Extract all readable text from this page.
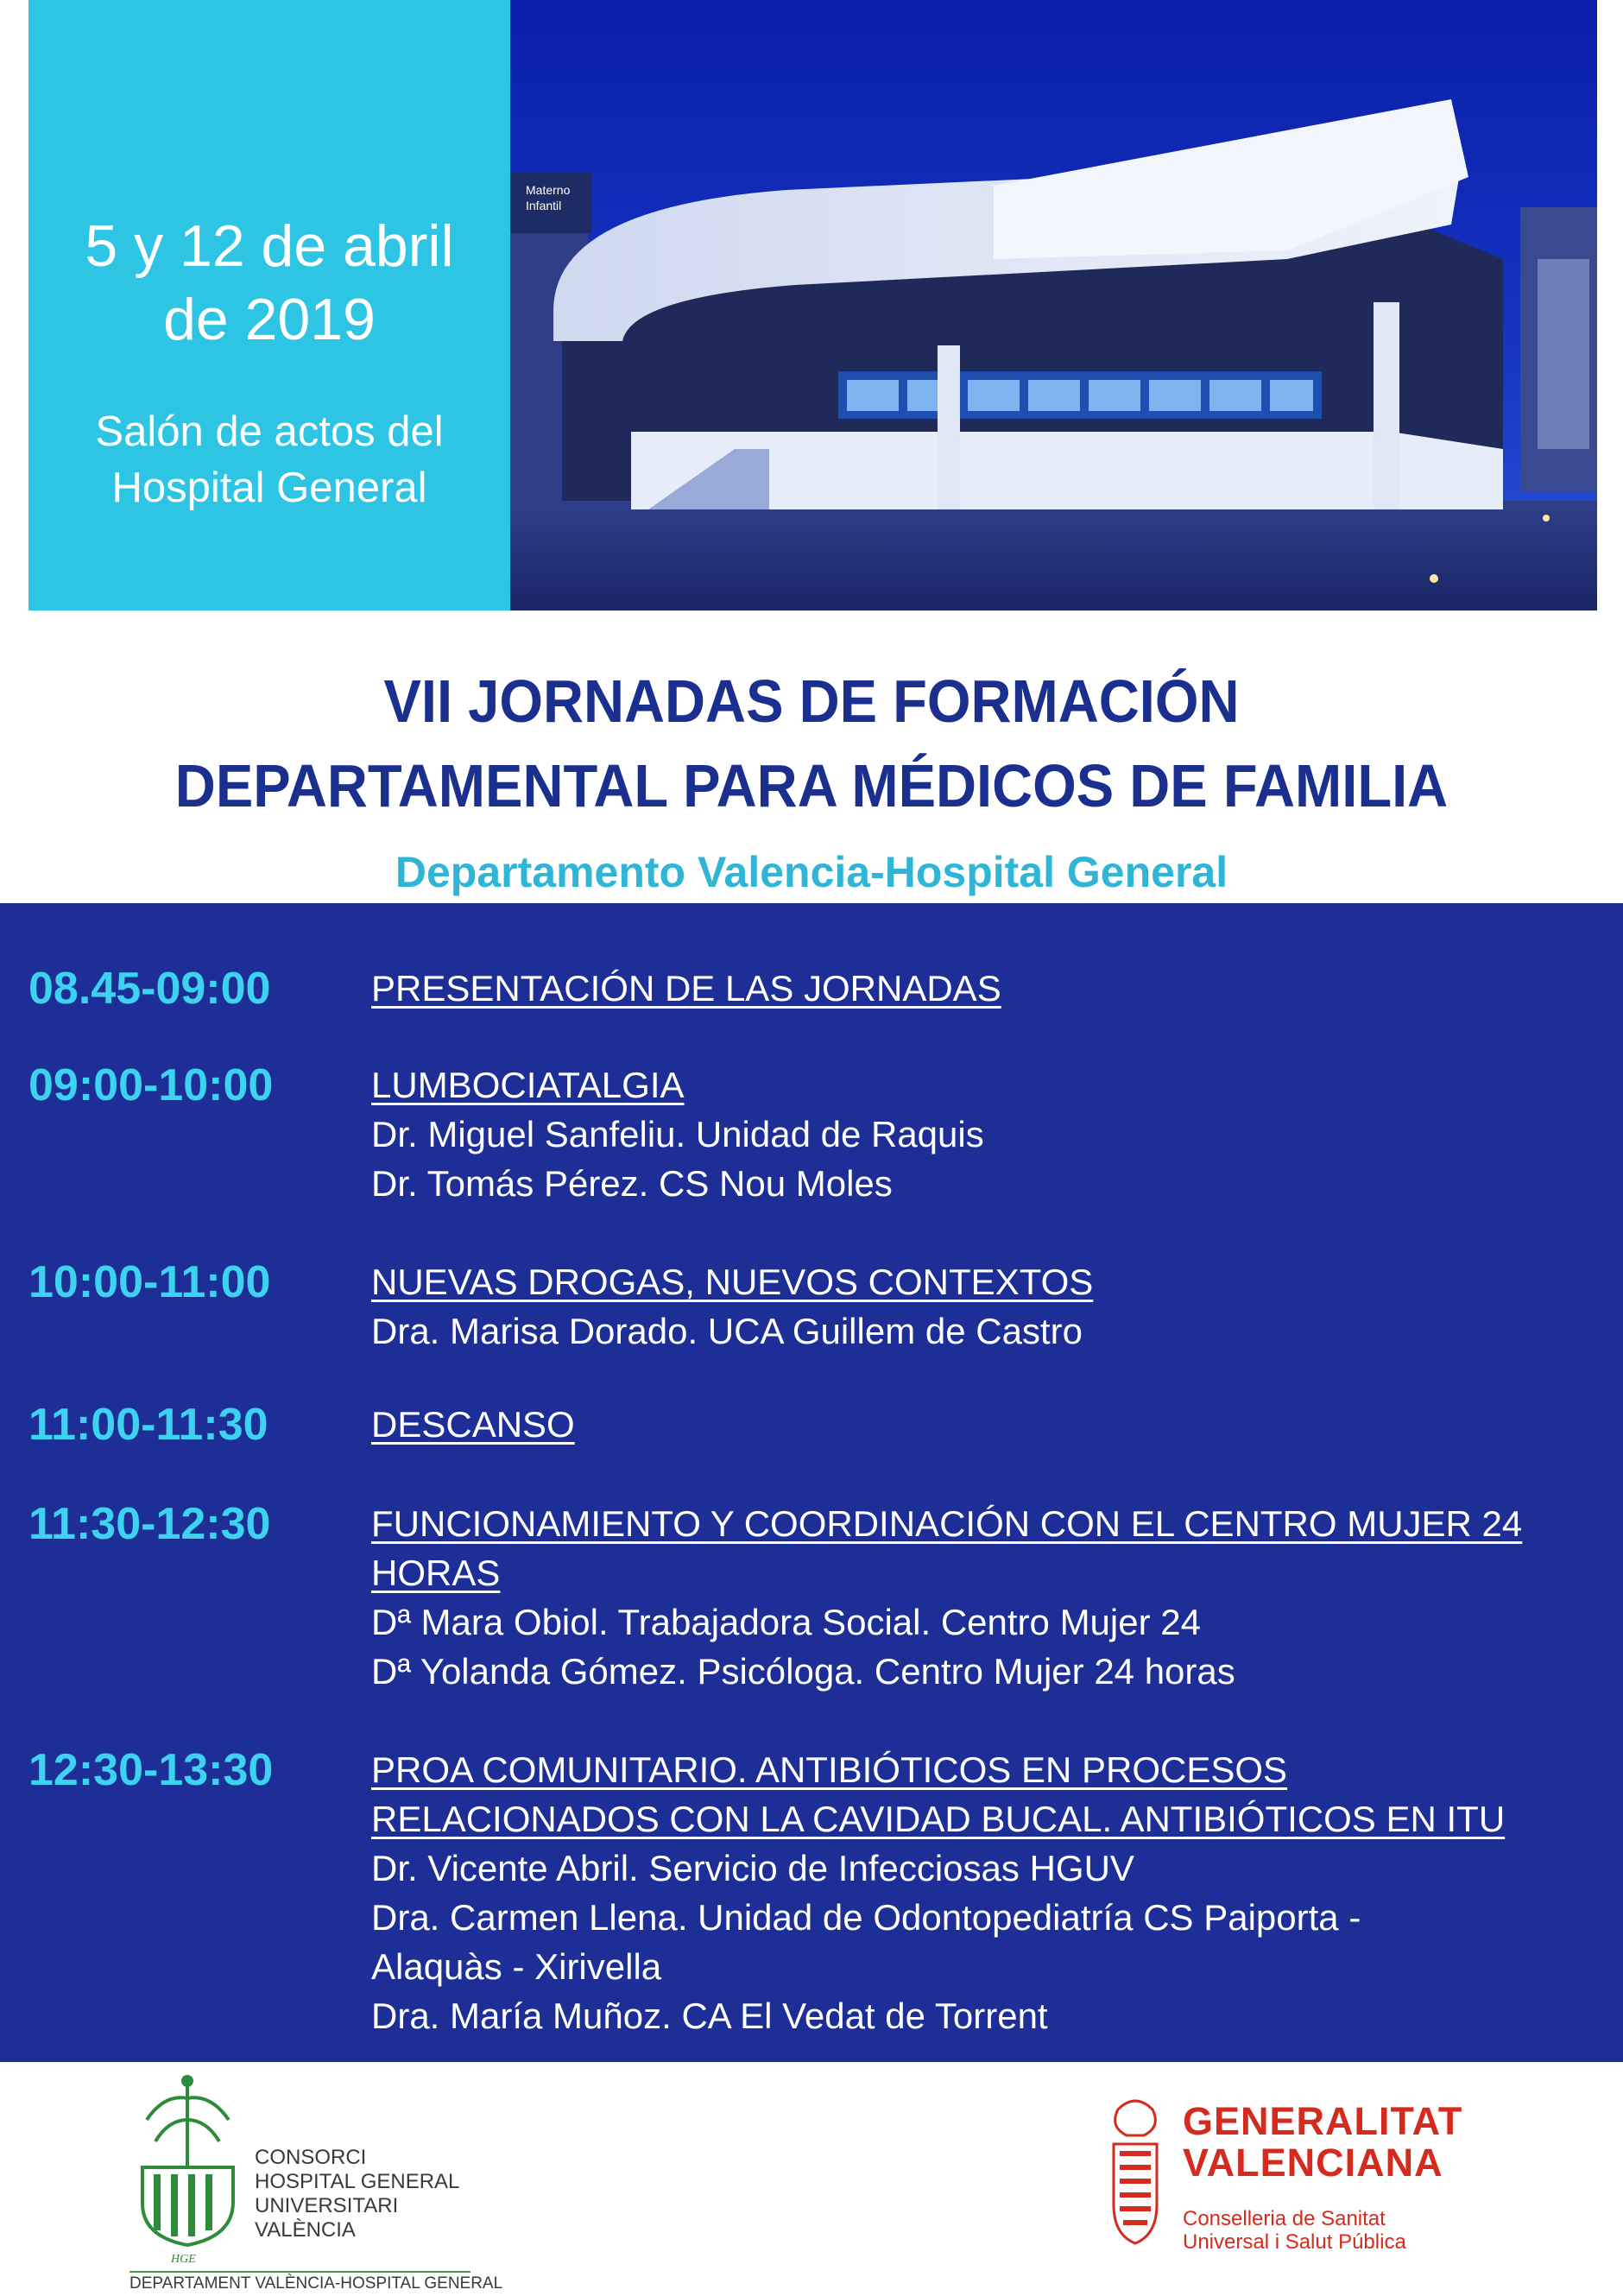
5 y 12 de abril
de 2019
Salón de actos del
Hospital General
Materno
Infantil
VII JORNADAS DE FORMACIÓN
DEPARTAMENTAL PARA MÉDICOS DE FAMILIA
Departamento Valencia-Hospital General
08.45-09:00	PRESENTACIÓN DE LAS JORNADAS
09:00-10:00	LUMBOCIATALGIA
Dr. Miguel Sanfeliu. Unidad de Raquis
Dr. Tomás Pérez. CS Nou Moles
10:00-11:00	NUEVAS DROGAS, NUEVOS CONTEXTOS
Dra. Marisa Dorado. UCA Guillem de Castro
11:00-11:30	DESCANSO
11:30-12:30	FUNCIONAMIENTO Y COORDINACIÓN CON EL CENTRO MUJER 24
HORAS
Dª Mara Obiol. Trabajadora Social. Centro Mujer 24
Dª Yolanda Gómez. Psicóloga. Centro Mujer 24 horas
12:30-13:30	PROA COMUNITARIO. ANTIBIÓTICOS EN PROCESOS
RELACIONADOS CON LA CAVIDAD BUCAL. ANTIBIÓTICOS EN ITU
Dr. Vicente Abril. Servicio de Infecciosas HGUV
Dra. Carmen Llena. Unidad de Odontopediatría CS Paiporta -
Alaquàs - Xirivella
Dra. María Muñoz. CA El Vedat de Torrent
HGE
CONSORCI
HOSPITAL GENERAL
UNIVERSITARI
VALÈNCIA
DEPARTAMENT VALÈNCIA-HOSPITAL GENERAL
GENERALITAT
VALENCIANA
Conselleria de Sanitat
Universal i Salut Pública
